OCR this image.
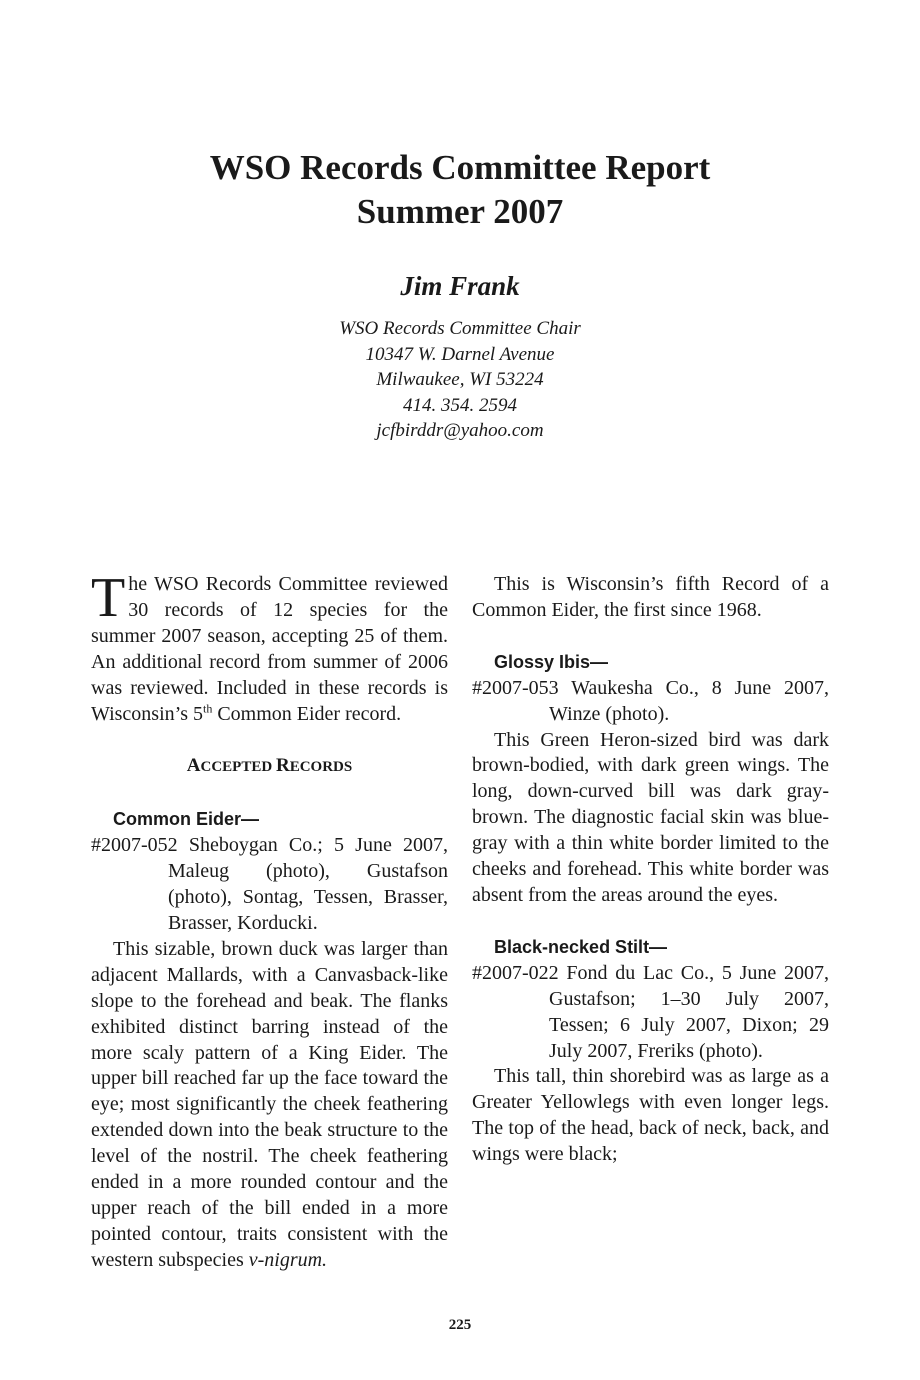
WSO Records Committee Report
Summer 2007
Jim Frank
WSO Records Committee Chair
10347 W. Darnel Avenue
Milwaukee, WI 53224
414. 354. 2594
jcfbirddr@yahoo.com

The WSO Records Committee reviewed 30 records of 12 species for the summer 2007 season, accepting 25 of them. An additional record from summer of 2006 was reviewed. Included in these records is Wisconsin’s 5th Common Eider record.

ACCEPTED RECORDS

Common Eider—

#2007-052 Sheboygan Co.; 5 June 2007, Maleug (photo), Gustafson (photo), Sontag, Tessen, Brasser, Brasser, Korducki.

This sizable, brown duck was larger than adjacent Mallards, with a Canvasback-like slope to the forehead and beak. The flanks exhibited distinct barring instead of the more scaly pattern of a King Eider. The upper bill reached far up the face toward the eye; most significantly the cheek feathering extended down into the beak structure to the level of the nostril. The cheek feathering ended in a more rounded contour and the upper reach of the bill ended in a more pointed contour, traits consistent with the western subspecies v-nigrum.

This is Wisconsin’s fifth Record of a Common Eider, the first since 1968.

Glossy Ibis—

#2007-053 Waukesha Co., 8 June 2007, Winze (photo).

This Green Heron-sized bird was dark brown-bodied, with dark green wings. The long, down-curved bill was dark gray-brown. The diagnostic facial skin was blue-gray with a thin white border limited to the cheeks and forehead. This white border was absent from the areas around the eyes.

Black-necked Stilt—

#2007-022 Fond du Lac Co., 5 June 2007, Gustafson; 1–30 July 2007, Tessen; 6 July 2007, Dixon; 29 July 2007, Freriks (photo).

This tall, thin shorebird was as large as a Greater Yellowlegs with even longer legs. The top of the head, back of neck, back, and wings were black;

225
